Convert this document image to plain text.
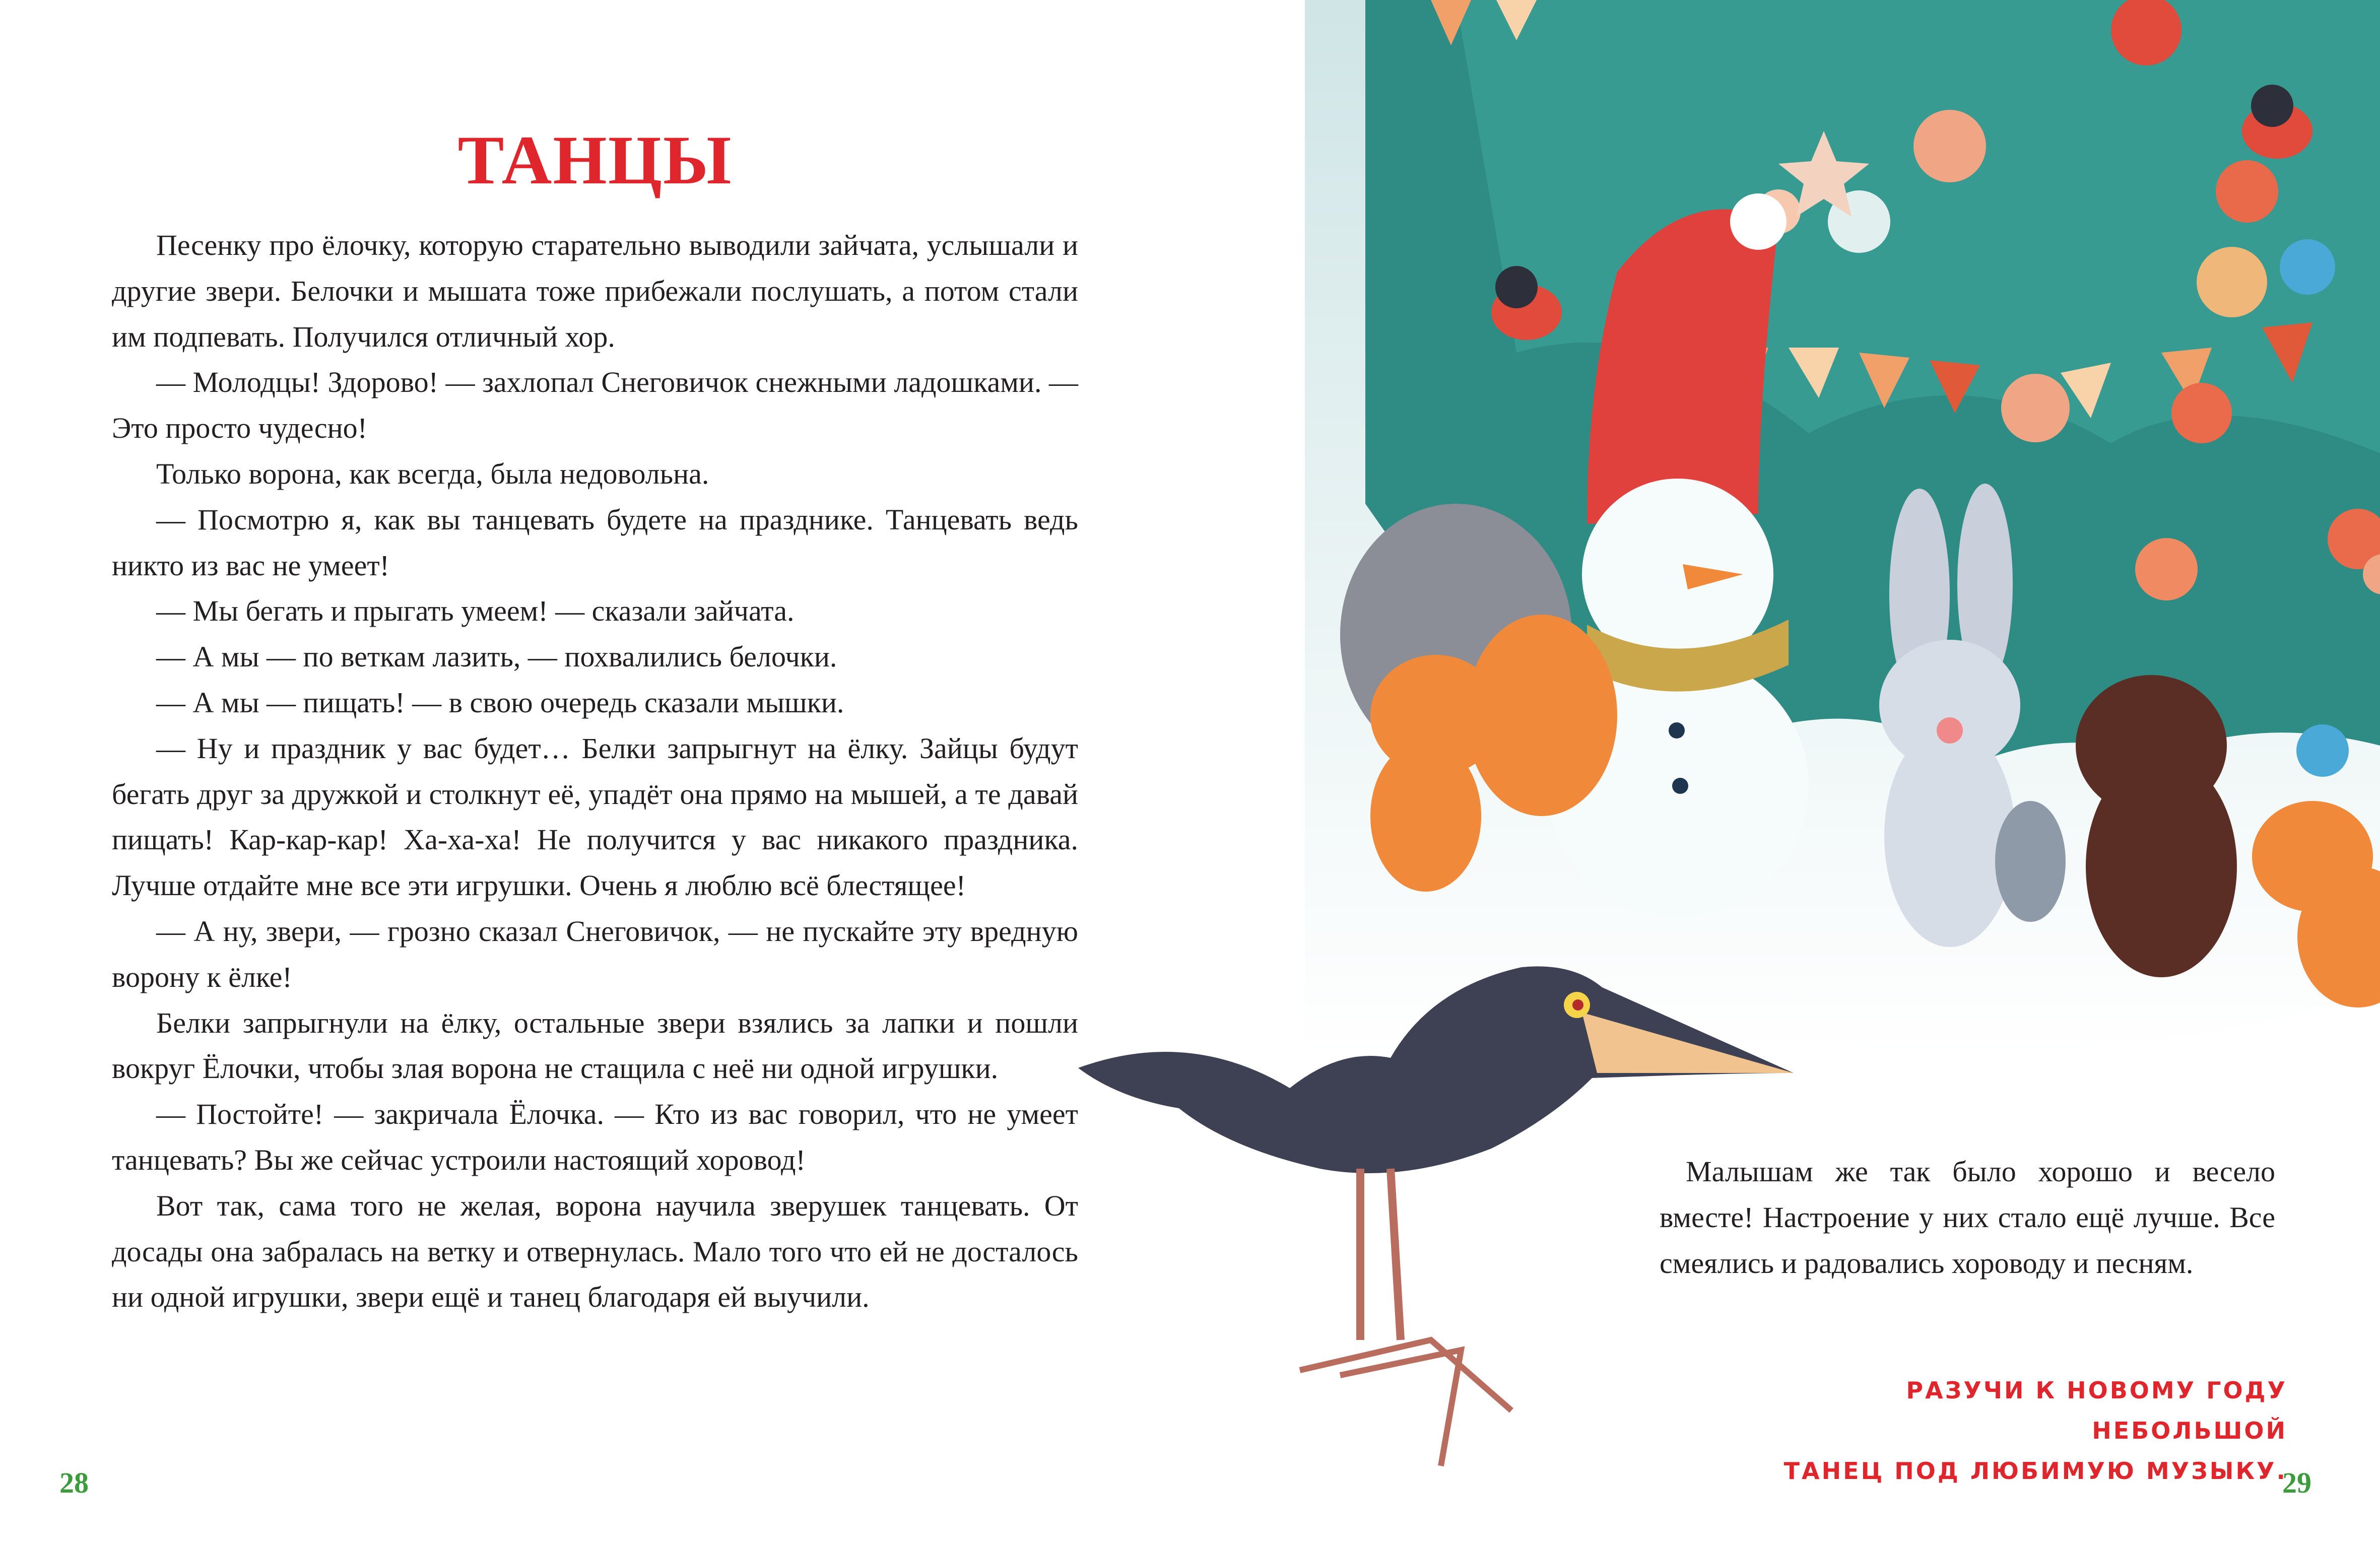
ТАНЦЫ

Песенку про ёлочку, которую старательно выводили зайчата, услышали и другие звери. Белочки и мышата тоже прибежали послушать, а потом стали им подпевать. Получился отличный хор.

— Молодцы! Здорово! — захлопал Снеговичок снежными ладошками. — Это просто чудесно!

Только ворона, как всегда, была недовольна.

— Посмотрю я, как вы танцевать будете на празднике. Танцевать ведь никто из вас не умеет!

— Мы бегать и прыгать умеем! — сказали зайчата.

— А мы — по веткам лазить, — похвалились белочки.

— А мы — пищать! — в свою очередь сказали мышки.

— Ну и праздник у вас будет… Белки запрыгнут на ёлку. Зайцы будут бегать друг за дружкой и столкнут её, упадёт она прямо на мышей, а те давай пищать! Кар-кар-кар! Ха-ха-ха! Не получится у вас никакого праздника. Лучше отдайте мне все эти игрушки. Очень я люблю всё блестящее!

— А ну, звери, — грозно сказал Снеговичок, — не пускайте эту вредную ворону к ёлке!

Белки запрыгнули на ёлку, остальные звери взялись за лапки и пошли вокруг Ёлочки, чтобы злая ворона не стащила с неё ни одной игрушки.

— Постойте! — закричала Ёлочка. — Кто из вас говорил, что не умеет танцевать? Вы же сейчас устроили настоящий хоровод!

Вот так, сама того не желая, ворона научила зверушек танцевать. От досады она забралась на ветку и отвернулась. Мало того что ей не досталось ни одной игрушки, звери ещё и танец благодаря ей выучили.

28

Малышам же так было хорошо и весело вместе! Настроение у них стало ещё лучше. Все смеялись и радовались хороводу и песням.

РАЗУЧИ К НОВОМУ ГОДУ НЕБОЛЬШОЙ
ТАНЕЦ ПОД ЛЮБИМУЮ МУЗЫКУ.
29
